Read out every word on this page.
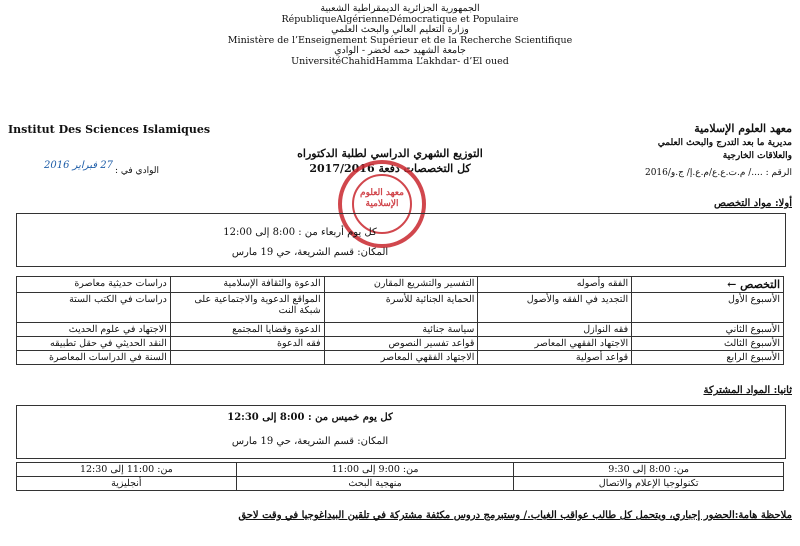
الجمهورية الجزائرية الديمقراطية الشعبية
RépubliqueAlgérienneDémocratique et Populaire
وزارة التعليم العالي والبحث العلمي
Ministère de l’Enseignement Supérieur et de la Recherche Scientifique
جامعة الشهيد حمه لخضر - الوادي
UniversitéChahidHamma L’akhdar- d’El oued
Institut Des Sciences Islamiques	معهد العلوم الإسلامية
مديرية ما بعد التدرج والبحث العلمي
والعلاقات الخارجية
الرقم : ..../ م.ت.ع.ع/م.ع.إ/ ج.و/2016
التوزيع الشهري الدراسي لطلبة الدكتوراه
كل التخصصات دفعة 2017/2016
الوادي في :
27 فبراير 2016
معهد العلوم الإسلامية	أولا: مواد التخصص
كل يوم أربعاء من : 8:00 إلى 12:00
المكان: قسم الشريعة، حي 19 مارس
دراسات حديثية معاصرة	الدعوة والثقافة الإسلامية	التفسير والتشريع المقارن	الفقه وأصوله	التخصص ←
دراسات في الكتب الستة	المواقع الدعوية والاجتماعية على شبكة النت	الحماية الجنائية للأسرة	التجديد في الفقه والأصول	الأسبوع الأول
الاجتهاد في علوم الحديث	الدعوة وقضايا المجتمع	سياسة جنائية	فقه النوازل	الأسبوع الثاني
النقد الحديثي في حقل تطبيقه	فقه الدعوة	قواعد تفسير النصوص	الاجتهاد الفقهي المعاصر	الأسبوع الثالث
السنة في الدراسات المعاصرة		الاجتهاد الفقهي المعاصر	قواعد أصولية	الأسبوع الرابع
ثانيا: المواد المشتركة
كل يوم خميس من : 8:00 إلى 12:30
المكان: قسم الشريعة، حي 19 مارس
من: 11:00 إلى 12:30	من: 9:00 إلى 11:00	من: 8:00 إلى 9:30
أنجليزية	منهجية البحث	تكنولوجيا الإعلام والاتصال
ملاحظة هامة:الحضور إجباري، ويتحمل كل طالب عواقب الغياب./ وستبرمج دروس مكثفة مشتركة في تلقين البيداغوجيا في وقت لاحق
